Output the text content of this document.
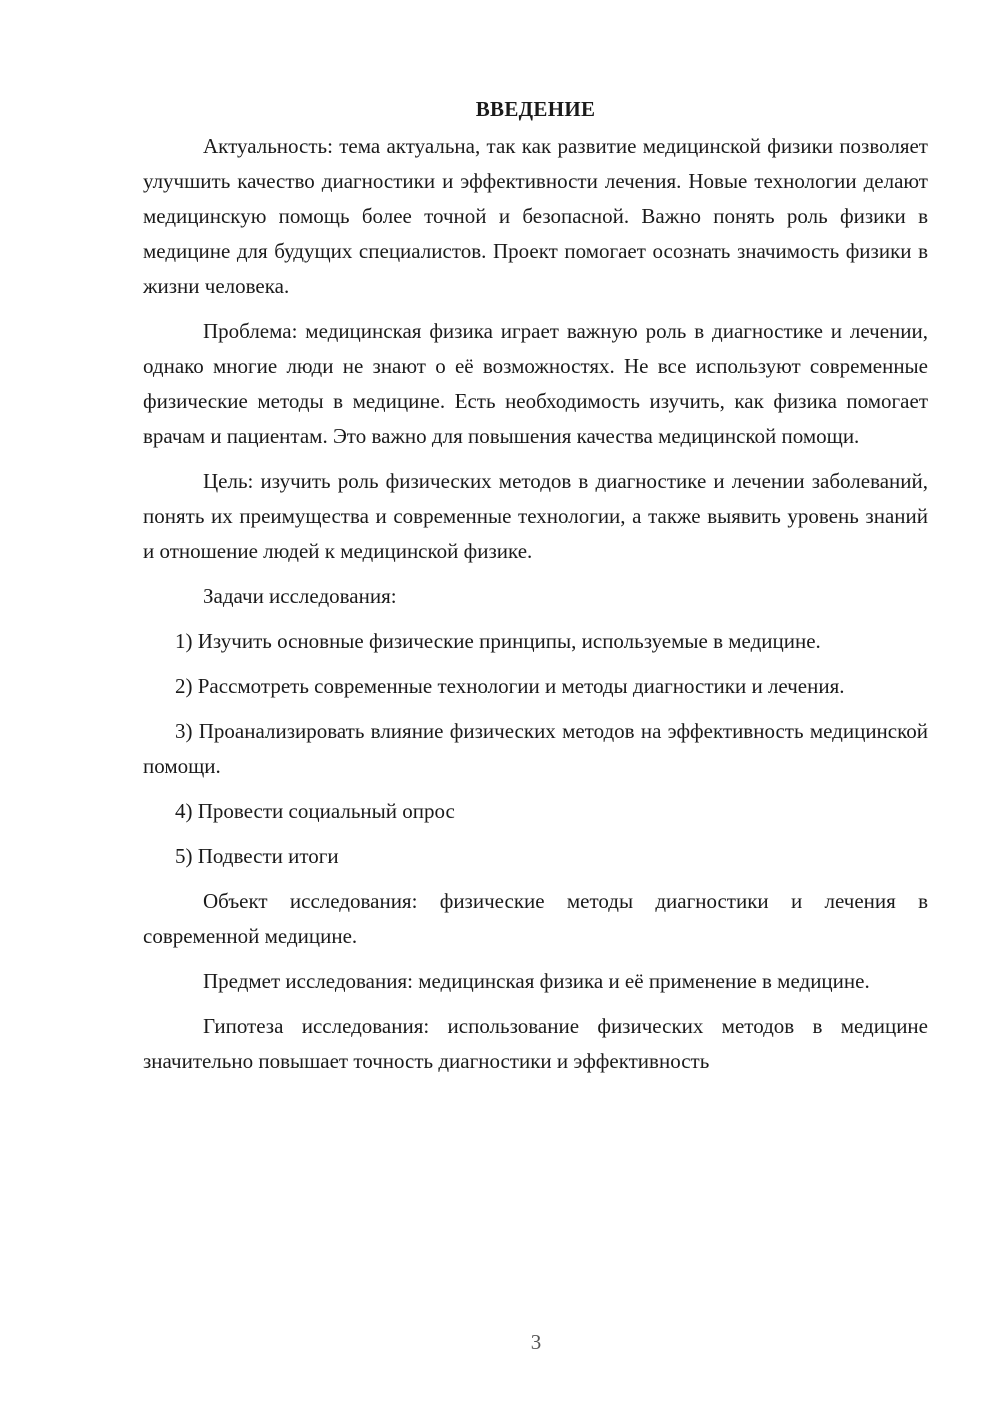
ВВЕДЕНИЕ

Актуальность: тема актуальна, так как развитие медицинской физики позволяет улучшить качество диагностики и эффективности лечения. Новые технологии делают медицинскую помощь более точной и безопасной. Важно понять роль физики в медицине для будущих специалистов. Проект помогает осознать значимость физики в жизни человека.

Проблема: медицинская физика играет важную роль в диагностике и лечении, однако многие люди не знают о её возможностях. Не все используют современные физические методы в медицине. Есть необходимость изучить, как физика помогает врачам и пациентам. Это важно для повышения качества медицинской помощи.

Цель: изучить роль физических методов в диагностике и лечении заболеваний, понять их преимущества и современные технологии, а также выявить уровень знаний и отношение людей к медицинской физике.

Задачи исследования:

1) Изучить основные физические принципы, используемые в медицине.

2) Рассмотреть современные технологии и методы диагностики и лечения.

3) Проанализировать влияние физических методов на эффективность медицинской помощи.

4) Провести социальный опрос

5) Подвести итоги

Объект исследования: физические методы диагностики и лечения в современной медицине.

Предмет исследования: медицинская физика и её применение в медицине.

Гипотеза исследования: использование физических методов в медицине значительно повышает точность диагностики и эффективность

3
